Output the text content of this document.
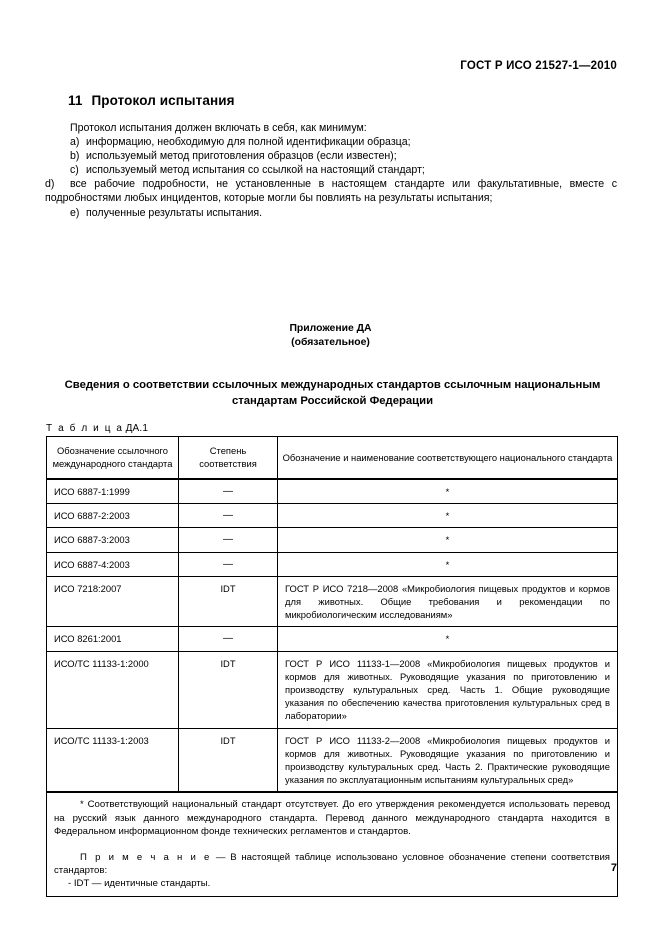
ГОСТ Р ИСО 21527-1—2010
11 Протокол испытания

Протокол испытания должен включать в себя, как минимум:

a) информацию, необходимую для полной идентификации образца;

b) используемый метод приготовления образцов (если известен);

c) используемый метод испытания со ссылкой на настоящий стандарт;

d) все рабочие подробности, не установленные в настоящем стандарте или факультативные, вместе с подробностями любых инцидентов, которые могли бы повлиять на результаты испытания;

e) полученные результаты испытания.

Приложение ДА
(обязательное)
Сведения о соответствии ссылочных международных стандартов ссылочным национальным стандартам Российской Федерации
Т а б л и ц а ДА.1
Обозначение ссылочного международного стандарта	Степень соответствия	Обозначение и наименование соответствующего национального стандарта
ИСО 6887-1:1999	—	*
ИСО 6887-2:2003	—	*
ИСО 6887-3:2003	—	*
ИСО 6887-4:2003	—	*
ИСО 7218:2007	IDT	ГОСТ Р ИСО 7218—2008 «Микробиология пищевых продуктов и кормов для животных. Общие требования и рекомендации по микробиологическим исследованиям»
ИСО 8261:2001	—	*
ИСО/ТС 11133-1:2000	IDT	ГОСТ Р ИСО 11133-1—2008 «Микробиология пищевых продуктов и кормов для животных. Руководящие указания по приготовлению и производству культуральных сред. Часть 1. Общие руководящие указания по обеспечению качества приготовления культуральных сред в лаборатории»
ИСО/ТС 11133-1:2003	IDT	ГОСТ Р ИСО 11133-2—2008 «Микробиология пищевых продуктов и кормов для животных. Руководящие указания по приготовлению и производству культуральных сред. Часть 2. Практические руководящие указания по эксплуатационным испытаниям культуральных сред»

* Соответствующий национальный стандарт отсутствует. До его утверждения рекомендуется использовать перевод на русский язык данного международного стандарта. Перевод данного международного стандарта находится в Федеральном информационном фонде технических регламентов и стандартов.

П р и м е ч а н и е — В настоящей таблице использовано условное обозначение степени соответствия стандартов:

- IDT — идентичные стандарты.		

7
